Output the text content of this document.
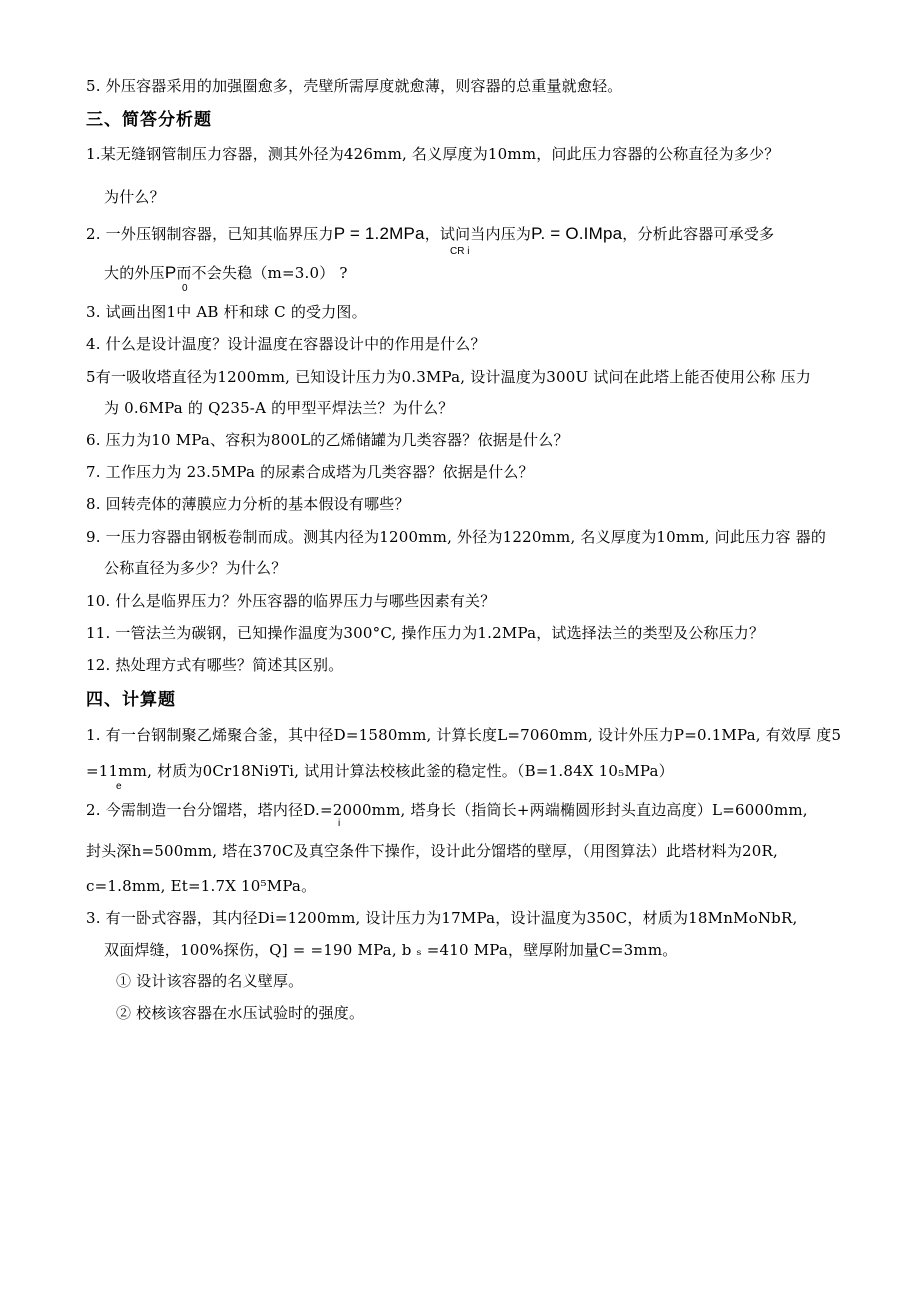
5. 外压容器采用的加强圈愈多，壳壁所需厚度就愈薄，则容器的总重量就愈轻。
三、简答分析题
1.某无缝钢管制压力容器，测其外径为426mm, 名义厚度为10mm，问此压力容器的公称直径为多少？
为什么？
2. 一外压钢制容器，已知其临界压力P = 1.2MPa，试问当内压为P. = O.IMpa，分析此容器可承受多
CR i
大的外压P而不会失稳（m=3.0） ?
0
3. 试画出图1中 AB 杆和球 C 的受力图。
4. 什么是设计温度？设计温度在容器设计中的作用是什么？
5有一吸收塔直径为1200mm, 已知设计压力为0.3MPa, 设计温度为300U 试问在此塔上能否使用公称 压力
为 0.6MPa 的 Q235-A 的甲型平焊法兰？为什么？
6. 压力为10 MPa、容积为800L的乙烯储罐为几类容器？依据是什么？
7. 工作压力为 23.5MPa 的尿素合成塔为几类容器？依据是什么？
8. 回转壳体的薄膜应力分析的基本假设有哪些？
9. 一压力容器由钢板卷制而成。测其内径为1200mm, 外径为1220mm, 名义厚度为10mm, 问此压力容 器的
公称直径为多少？为什么？
10. 什么是临界压力？外压容器的临界压力与哪些因素有关？
11. 一管法兰为碳钢，已知操作温度为300°C, 操作压力为1.2MPa，试选择法兰的类型及公称压力？
12. 热处理方式有哪些？简述其区别。
四、计算题
1. 有一台钢制聚乙烯聚合釜，其中径D=1580mm, 计算长度L=7060mm, 设计外压力P=0.1MPa, 有效厚 度5
=11mm, 材质为0Cr18Ni9Ti, 试用计算法校核此釜的稳定性。（B=1.84X 10₅MPa）
e
2. 今需制造一台分馏塔，塔内径D.=2000mm, 塔身长（指筒长+两端椭圆形封头直边高度）L=6000mm,
i
封头深h=500mm, 塔在370C及真空条件下操作，设计此分馏塔的壁厚，（用图算法）此塔材料为20R,
c=1.8mm, Et=1.7X 10⁵MPa。
3. 有一卧式容器，其内径Di=1200mm, 设计压力为17MPa，设计温度为350C，材质为18MnMoNbR,
双面焊缝，100%探伤，Q] = =190 MPa, b ₛ =410 MPa，壁厚附加量C=3mm。
① 设计该容器的名义壁厚。
② 校核该容器在水压试验时的强度。
